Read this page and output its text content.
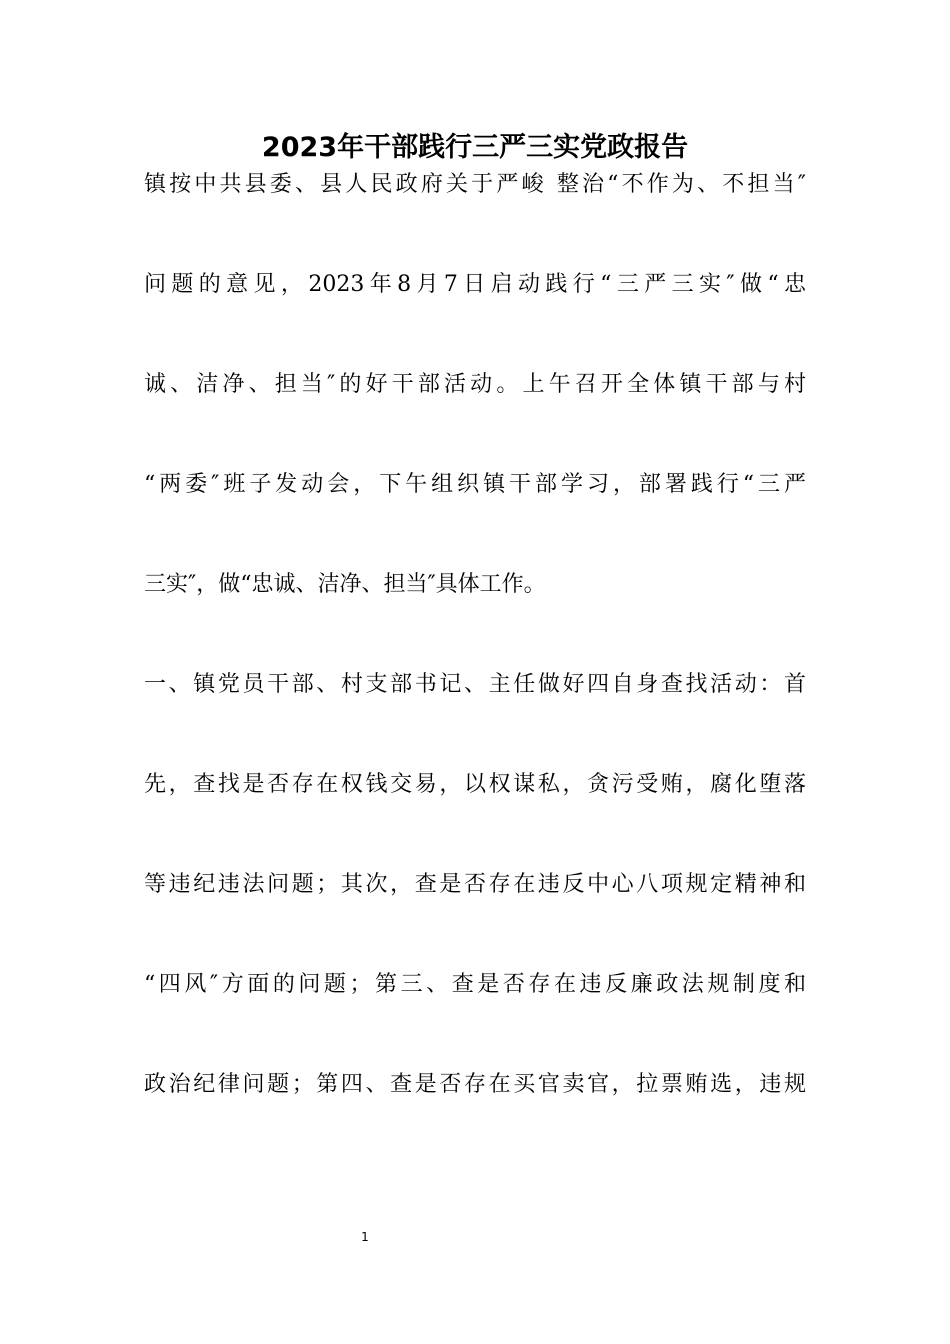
2023年干部践行三严三实党政报告
镇按中共县委、县人民政府关于严峻 整治“不作为、不担当″
问题的意见，2023年8月7日启动践行“三严三实″做“忠
诚、洁净、担当″的好干部活动。上午召开全体镇干部与村
“两委″班子发动会，下午组织镇干部学习，部署践行“三严
三实″，做“忠诚、洁净、担当″具体工作。
一、镇党员干部、村支部书记、主任做好四自身查找活动：首
先，查找是否存在权钱交易，以权谋私，贪污受贿，腐化堕落
等违纪违法问题；其次，查是否存在违反中心八项规定精神和
“四风″方面的问题；第三、查是否存在违反廉政法规制度和
政治纪律问题；第四、查是否存在买官卖官，拉票贿选，违规
1
